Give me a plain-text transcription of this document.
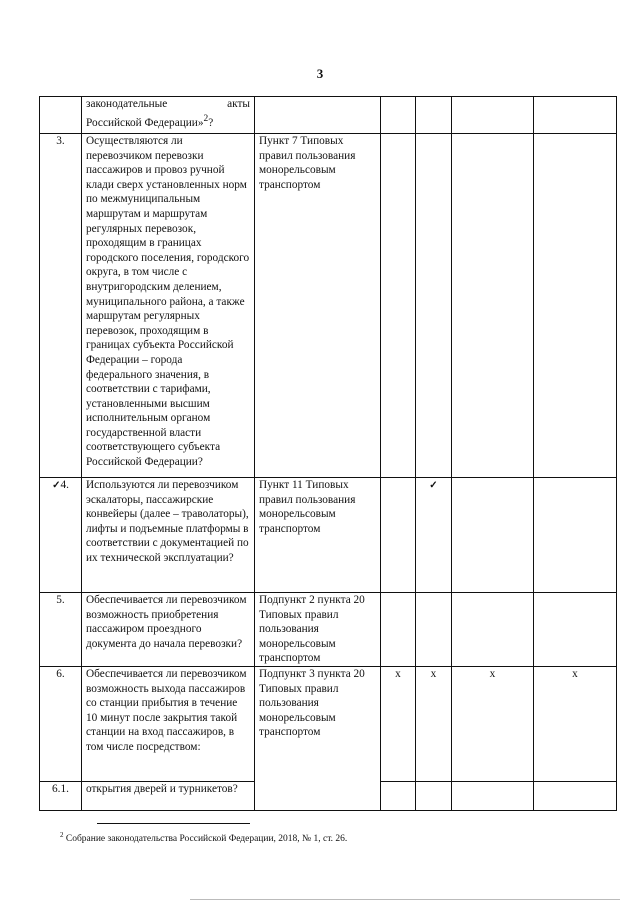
3

	законодательные акты
Российской Федерации»$^2$?					

3.	Осуществляются ли перевозчиком перевозки пассажиров и провоз ручной клади сверх установленных норм по межмуниципальным маршрутам и маршрутам регулярных перевозок, проходящим в границах городского поселения, городского округа, в том числе с внутригородским делением, муниципального района, а также маршрутам регулярных перевозок, проходящим в границах субъекта Российской Федерации – города федерального значения, в соответствии с тарифами, установленными высшим исполнительным органом государственной власти соответствующего субъекта Российской Федерации?	Пункт 7 Типовых правил пользования монорельсовым транспортом				
✓4.	Используются ли перевозчиком эскалаторы, пассажирские конвейеры (далее – траволаторы), лифты и подъемные платформы в соответствии с документацией по их технической эксплуатации?	Пункт 11 Типовых правил пользования монорельсовым транспортом		✓		
5.	Обеспечивается ли перевозчиком возможность приобретения пассажиром проездного документа до начала перевозки?	Подпункт 2 пункта 20 Типовых правил пользования монорельсовым транспортом				
6.	Обеспечивается ли перевозчиком возможность выхода пассажиров со станции прибытия в течение 10 минут после закрытия такой станции на вход пассажиров, в том числе посредством:	Подпункт 3 пункта 20 Типовых правил пользования монорельсовым транспортом	x	x	x	x
6.1.	открытия дверей и турникетов?					
$^2$ Собрание законодательства Российской Федерации, 2018, № 1, ст. 26.
